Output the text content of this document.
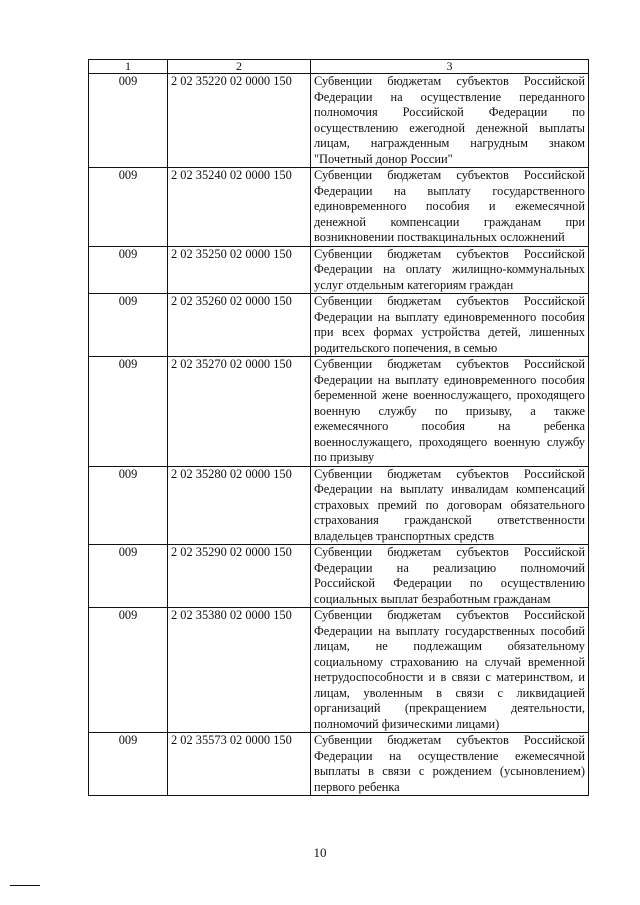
1	2	3
009	2 02 35220 02 0000 150	Субвенции бюджетам субъектов Российской Федерации на осуществление переданного полномочия Российской Федерации по осуществлению ежегодной денежной выплаты лицам, награжденным нагрудным знаком "Почетный донор России"
009	2 02 35240 02 0000 150	Субвенции бюджетам субъектов Российской Федерации на выплату государственного единовременного пособия и ежемесячной денежной компенсации гражданам при возникновении поствакцинальных осложнений
009	2 02 35250 02 0000 150	Субвенции бюджетам субъектов Российской Федерации на оплату жилищно-коммунальных услуг отдельным категориям граждан
009	2 02 35260 02 0000 150	Субвенции бюджетам субъектов Российской Федерации на выплату единовременного пособия при всех формах устройства детей, лишенных родительского попечения, в семью
009	2 02 35270 02 0000 150	Субвенции бюджетам субъектов Российской Федерации на выплату единовременного пособия беременной жене военнослужащего, проходящего военную службу по призыву, а также ежемесячного пособия на ребенка военнослужащего, проходящего военную службу по призыву
009	2 02 35280 02 0000 150	Субвенции бюджетам субъектов Российской Федерации на выплату инвалидам компенсаций страховых премий по договорам обязательного страхования гражданской ответственности владельцев транспортных средств
009	2 02 35290 02 0000 150	Субвенции бюджетам субъектов Российской Федерации на реализацию полномочий Российской Федерации по осуществлению социальных выплат безработным гражданам
009	2 02 35380 02 0000 150	Субвенции бюджетам субъектов Российской Федерации на выплату государственных пособий лицам, не подлежащим обязательному социальному страхованию на случай временной нетрудоспособности и в связи с материнством, и лицам, уволенным в связи с ликвидацией организаций (прекращением деятельности, полномочий физическими лицами)
009	2 02 35573 02 0000 150	Субвенции бюджетам субъектов Российской Федерации на осуществление ежемесячной выплаты в связи с рождением (усыновлением) первого ребенка
10
